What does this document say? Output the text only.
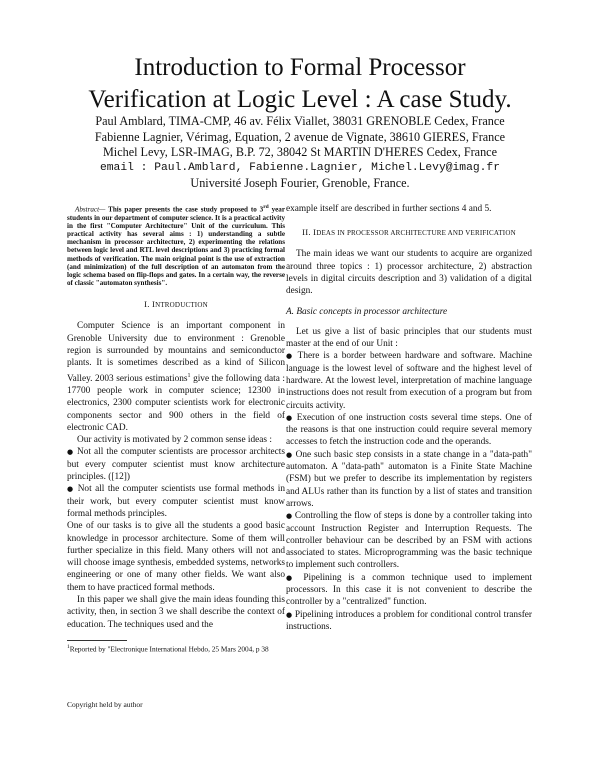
Introduction to Formal Processor
Verification at Logic Level : A case Study.
Paul Amblard, TIMA-CMP, 46 av. Félix Viallet, 38031 GRENOBLE Cedex, France
Fabienne Lagnier, Vérimag, Equation, 2 avenue de Vignate, 38610 GIERES, France
Michel Levy, LSR-IMAG, B.P. 72, 38042 St MARTIN D'HERES Cedex, France
email : Paul.Amblard, Fabienne.Lagnier, Michel.Levy@imag.fr
Université Joseph Fourier, Grenoble, France.

Abstract— This paper presents the case study proposed to 3rd year students in our department of computer science. It is a practical activity in the first "Computer Architecture" Unit of the curriculum. This practical activity has several aims : 1) understanding a subtle mechanism in processor architecture, 2) experimenting the relations between logic level and RTL level descriptions and 3) practicing formal methods of verification. The main original point is the use of extraction (and minimization) of the full description of an automaton from the logic schema based on flip-flops and gates. In a certain way, the reverse of classic "automaton synthesis".

I. INTRODUCTION

Computer Science is an important component in Grenoble University due to environment : Grenoble region is surrounded by mountains and semiconductor plants. It is sometimes described as a kind of Silicon Valley. 2003 serious estimations$^1$ give the following data : 17700 people work in computer science; 12300 in electronics, 2300 computer scientists work for electronic components sector and 900 others in the field of electronic CAD.

Our activity is motivated by 2 common sense ideas :

● Not all the computer scientists are processor architects but every computer scientist must know architecture principles. ([12])

● Not all the computer scientists use formal methods in their work, but every computer scientist must know formal methods principles.

One of our tasks is to give all the students a good basic knowledge in processor architecture. Some of them will further specialize in this field. Many others will not and will choose image synthesis, embedded systems, networks engineering or one of many other fields. We want also them to have practiced formal methods.

In this paper we shall give the main ideas founding this activity, then, in section 3 we shall describe the context of education. The techniques used and the

$^1$Reported by "Electronique International Hebdo, 25 Mars 2004, p 38
Copyright held by author

example itself are described in further sections 4 and 5.

II. IDEAS IN PROCESSOR ARCHITECTURE AND VERIFICATION

The main ideas we want our students to acquire are organized around three topics : 1) processor architecture, 2) abstraction levels in digital circuits description and 3) validation of a digital design.

A. Basic concepts in processor architecture

Let us give a list of basic principles that our students must master at the end of our Unit :

● There is a border between hardware and software. Machine language is the lowest level of software and the highest level of hardware. At the lowest level, interpretation of machine language instructions does not result from execution of a program but from circuits activity.

● Execution of one instruction costs several time steps. One of the reasons is that one instruction could require several memory accesses to fetch the instruction code and the operands.

● One such basic step consists in a state change in a "data-path" automaton. A "data-path" automaton is a Finite State Machine (FSM) but we prefer to describe its implementation by registers and ALUs rather than its function by a list of states and transition arrows.

● Controlling the flow of steps is done by a controller taking into account Instruction Register and Interruption Requests. The controller behaviour can be described by an FSM with actions associated to states. Microprogramming was the basic technique to implement such controllers.

● Pipelining is a common technique used to implement processors. In this case it is not convenient to describe the controller by a "centralized" function.

● Pipelining introduces a problem for conditional control transfer instructions.
